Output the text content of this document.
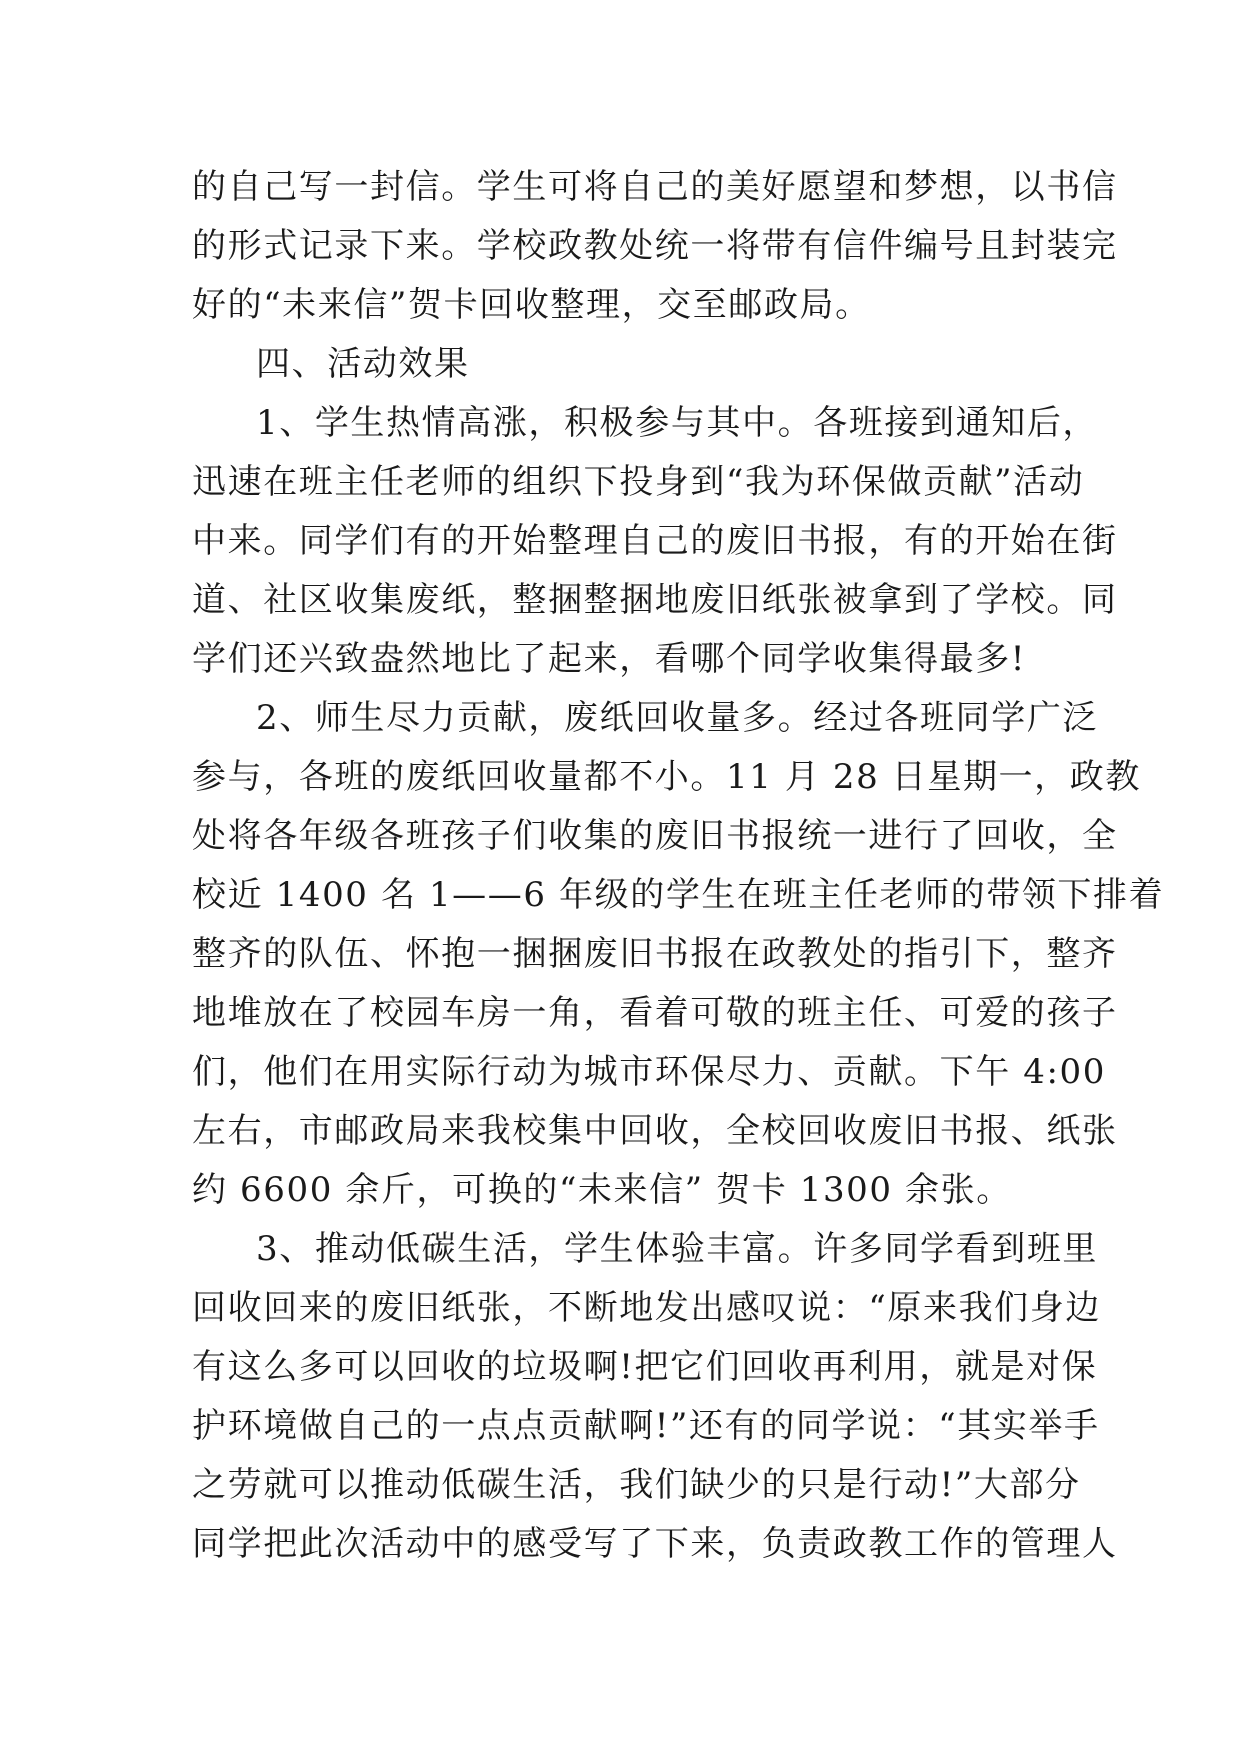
的自己写一封信。学生可将自己的美好愿望和梦想，以书信
的形式记录下来。学校政教处统一将带有信件编号且封装完
好的“未来信”贺卡回收整理，交至邮政局。
四、活动效果
1、学生热情高涨，积极参与其中。各班接到通知后，
迅速在班主任老师的组织下投身到“我为环保做贡献”活动
中来。同学们有的开始整理自己的废旧书报，有的开始在街
道、社区收集废纸，整捆整捆地废旧纸张被拿到了学校。同
学们还兴致盎然地比了起来，看哪个同学收集得最多!
2、师生尽力贡献，废纸回收量多。经过各班同学广泛
参与，各班的废纸回收量都不小。11 月 28 日星期一，政教
处将各年级各班孩子们收集的废旧书报统一进行了回收，全
校近 1400 名 1——6 年级的学生在班主任老师的带领下排着
整齐的队伍、怀抱一捆捆废旧书报在政教处的指引下，整齐
地堆放在了校园车房一角，看着可敬的班主任、可爱的孩子
们，他们在用实际行动为城市环保尽力、贡献。下午 4:00
左右，市邮政局来我校集中回收，全校回收废旧书报、纸张
约 6600 余斤，可换的“未来信” 贺卡 1300 余张。
3、推动低碳生活，学生体验丰富。许多同学看到班里
回收回来的废旧纸张，不断地发出感叹说：“原来我们身边
有这么多可以回收的垃圾啊!把它们回收再利用，就是对保
护环境做自己的一点点贡献啊!”还有的同学说：“其实举手
之劳就可以推动低碳生活，我们缺少的只是行动!”大部分
同学把此次活动中的感受写了下来，负责政教工作的管理人
